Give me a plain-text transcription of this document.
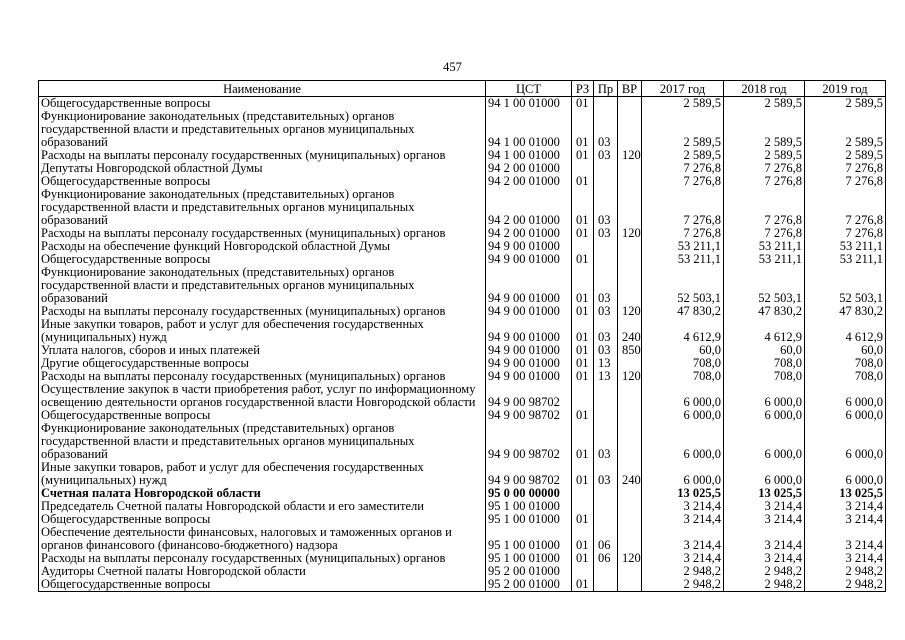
457
Наименование	ЦСТ	РЗ	Пр	ВР	2017 год	2018 год	2019 год
Общегосударственные вопросы	94 1 00 01000	01			2 589,5	2 589,5	2 589,5
Функционирование законодательных (представительных) органов государственной власти и представительных органов муниципальных образований	94 1 00 01000	01	03		2 589,5	2 589,5	2 589,5
Расходы на выплаты персоналу государственных (муниципальных) органов	94 1 00 01000	01	03	120	2 589,5	2 589,5	2 589,5
Депутаты Новгородской областной Думы	94 2 00 01000				7 276,8	7 276,8	7 276,8
Общегосударственные вопросы	94 2 00 01000	01			7 276,8	7 276,8	7 276,8
Функционирование законодательных (представительных) органов государственной власти и представительных органов муниципальных образований	94 2 00 01000	01	03		7 276,8	7 276,8	7 276,8
Расходы на выплаты персоналу государственных (муниципальных) органов	94 2 00 01000	01	03	120	7 276,8	7 276,8	7 276,8
Расходы на обеспечение функций Новгородской областной Думы	94 9 00 01000				53 211,1	53 211,1	53 211,1
Общегосударственные вопросы	94 9 00 01000	01			53 211,1	53 211,1	53 211,1
Функционирование законодательных (представительных) органов государственной власти и представительных органов муниципальных образований	94 9 00 01000	01	03		52 503,1	52 503,1	52 503,1
Расходы на выплаты персоналу государственных (муниципальных) органов	94 9 00 01000	01	03	120	47 830,2	47 830,2	47 830,2
Иные закупки товаров, работ и услуг для обеспечения государственных (муниципальных) нужд	94 9 00 01000	01	03	240	4 612,9	4 612,9	4 612,9
Уплата налогов, сборов и иных платежей	94 9 00 01000	01	03	850	60,0	60,0	60,0
Другие общегосударственные вопросы	94 9 00 01000	01	13		708,0	708,0	708,0
Расходы на выплаты персоналу государственных (муниципальных) органов	94 9 00 01000	01	13	120	708,0	708,0	708,0
Осуществление закупок в части приобретения работ, услуг по информационному освещению деятельности органов государственной власти Новгородской области	94 9 00 98702				6 000,0	6 000,0	6 000,0
Общегосударственные вопросы	94 9 00 98702	01			6 000,0	6 000,0	6 000,0
Функционирование законодательных (представительных) органов государственной власти и представительных органов муниципальных образований	94 9 00 98702	01	03		6 000,0	6 000,0	6 000,0
Иные закупки товаров, работ и услуг для обеспечения государственных (муниципальных) нужд	94 9 00 98702	01	03	240	6 000,0	6 000,0	6 000,0
Счетная палата Новгородской области	95 0 00 00000				13 025,5	13 025,5	13 025,5
Председатель Счетной палаты Новгородской области и его заместители	95 1 00 01000				3 214,4	3 214,4	3 214,4
Общегосударственные вопросы	95 1 00 01000	01			3 214,4	3 214,4	3 214,4
Обеспечение деятельности финансовых, налоговых и таможенных органов и органов финансового (финансово-бюджетного) надзора	95 1 00 01000	01	06		3 214,4	3 214,4	3 214,4
Расходы на выплаты персоналу государственных (муниципальных) органов	95 1 00 01000	01	06	120	3 214,4	3 214,4	3 214,4
Аудиторы Счетной палаты Новгородской области	95 2 00 01000				2 948,2	2 948,2	2 948,2
Общегосударственные вопросы	95 2 00 01000	01			2 948,2	2 948,2	2 948,2
